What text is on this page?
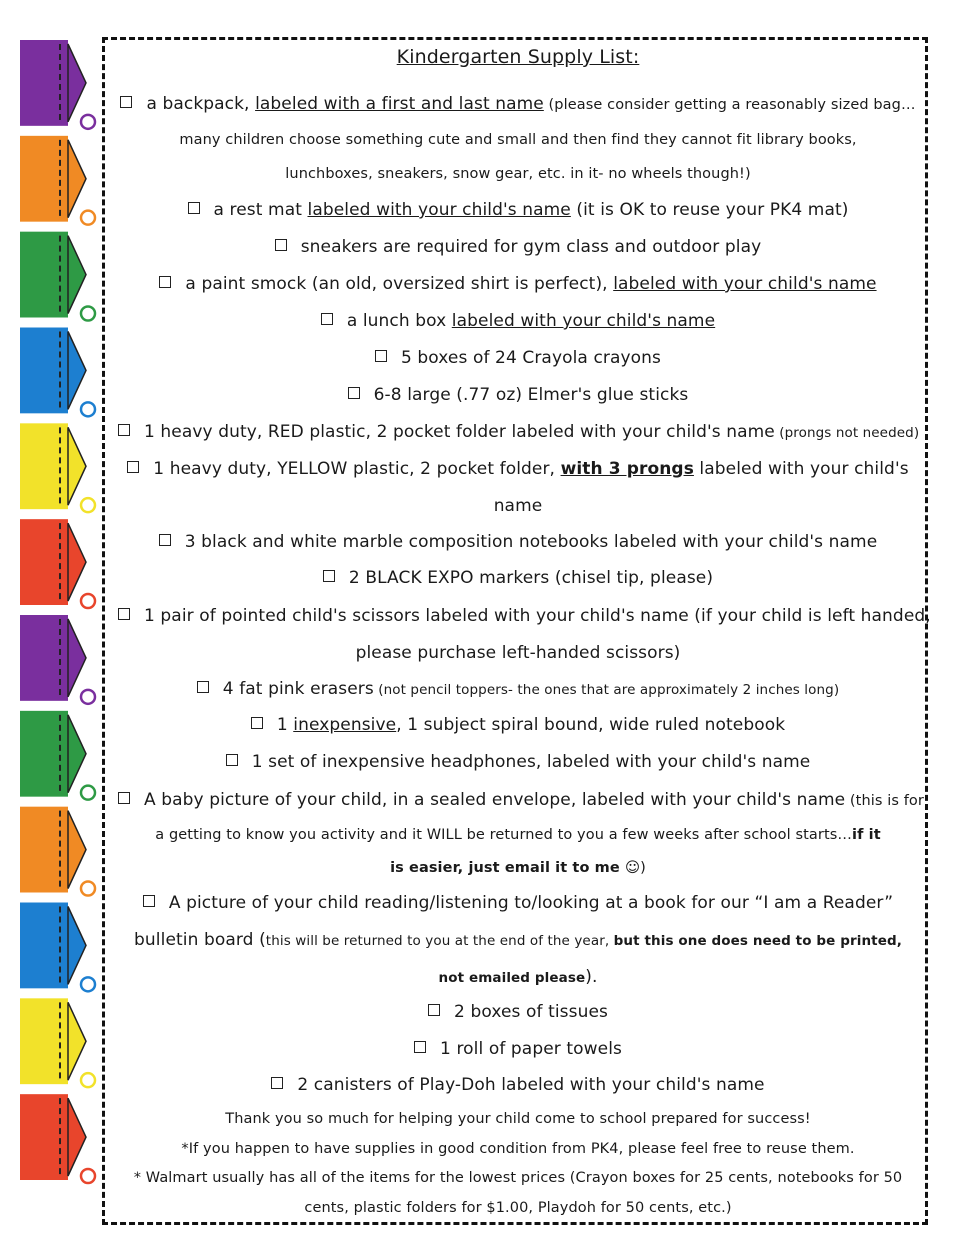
Kindergarten Supply List:
a backpack, labeled with a first and last name (please consider getting a reasonably sized bag…
many children choose something cute and small and then find they cannot fit library books,
lunchboxes, sneakers, snow gear, etc. in it- no wheels though!)
a rest mat labeled with your child's name (it is OK to reuse your PK4 mat)
sneakers are required for gym class and outdoor play
a paint smock (an old, oversized shirt is perfect), labeled with your child's name
a lunch box labeled with your child's name
5 boxes of 24 Crayola crayons
6-8 large (.77 oz) Elmer's glue sticks
1 heavy duty, RED plastic, 2 pocket folder labeled with your child's name (prongs not needed)
1 heavy duty, YELLOW plastic, 2 pocket folder, with 3 prongs labeled with your child's
name
3 black and white marble composition notebooks labeled with your child's name
2 BLACK EXPO markers (chisel tip, please)
1 pair of pointed child's scissors labeled with your child's name (if your child is left handed,
please purchase left-handed scissors)
4 fat pink erasers (not pencil toppers- the ones that are approximately 2 inches long)
1 inexpensive, 1 subject spiral bound, wide ruled notebook
1 set of inexpensive headphones, labeled with your child's name
A baby picture of your child, in a sealed envelope, labeled with your child's name (this is for
a getting to know you activity and it WILL be returned to you a few weeks after school starts…if it
is easier, just email it to me ☺)
A picture of your child reading/listening to/looking at a book for our “I am a Reader”
bulletin board (this will be returned to you at the end of the year, but this one does need to be printed,
not emailed please).
2 boxes of tissues
1 roll of paper towels
2 canisters of Play-Doh labeled with your child's name
Thank you so much for helping your child come to school prepared for success!
*If you happen to have supplies in good condition from PK4, please feel free to reuse them.
* Walmart usually has all of the items for the lowest prices (Crayon boxes for 25 cents, notebooks for 50
cents, plastic folders for $1.00, Playdoh for 50 cents, etc.)
